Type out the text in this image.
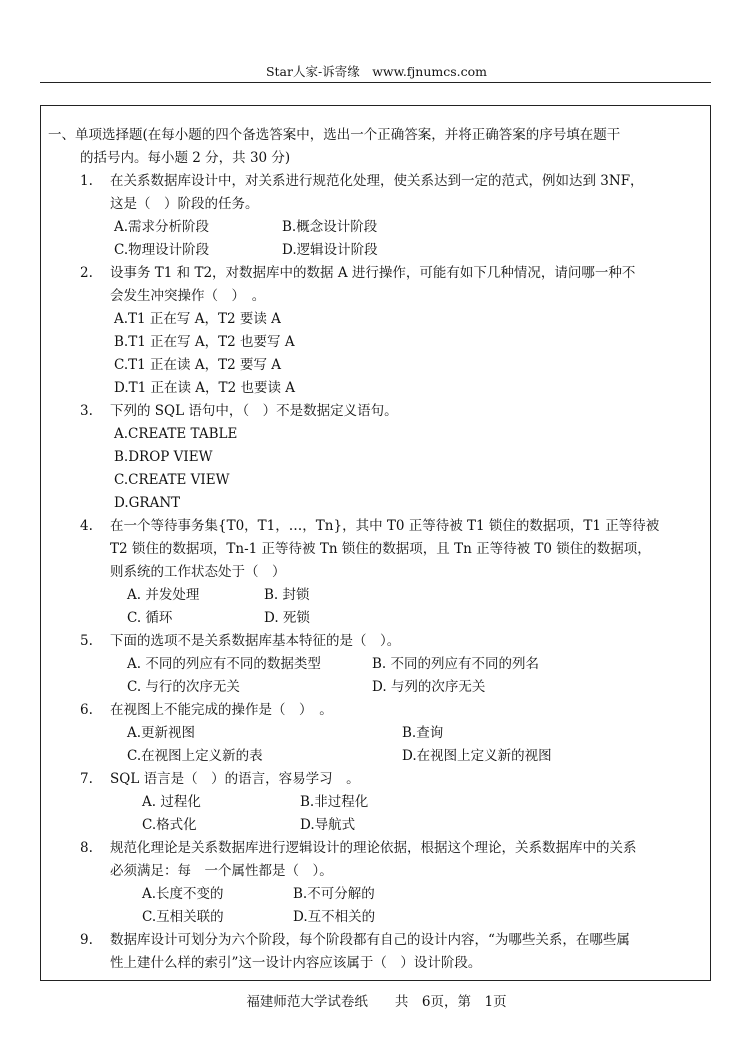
Star人家-诉寄缘　www.fjnumcs.com
一、单项选择题(在每小题的四个备选答案中，选出一个正确答案，并将正确答案的序号填在题干
的括号内。每小题 2 分，共 30 分)
1. 在关系数据库设计中，对关系进行规范化处理，使关系达到一定的范式，例如达到 3NF，
这是（　）阶段的任务。
A.需求分析阶段	B.概念设计阶段
C.物理设计阶段	D.逻辑设计阶段
2. 设事务 T1 和 T2，对数据库中的数据 A 进行操作，可能有如下几种情况，请问哪一种不
会发生冲突操作（　）　。
A.T1 正在写 A，T2 要读 A
B.T1 正在写 A，T2 也要写 A
C.T1 正在读 A，T2 要写 A
D.T1 正在读 A，T2 也要读 A
3. 下列的 SQL 语句中，（　）不是数据定义语句。
A.CREATE TABLE
B.DROP VIEW
C.CREATE VIEW
D.GRANT
4. 在一个等待事务集{T0，T1，…，Tn}，其中 T0 正等待被 T1 锁住的数据项，T1 正等待被
T2 锁住的数据项，Tn-1 正等待被 Tn 锁住的数据项，且 Tn 正等待被 T0 锁住的数据项，
则系统的工作状态处于（　）
A. 并发处理	B. 封锁
C. 循环	D. 死锁
5. 下面的选项不是关系数据库基本特征的是（　）。
A. 不同的列应有不同的数据类型	B. 不同的列应有不同的列名
C. 与行的次序无关	D. 与列的次序无关
6. 在视图上不能完成的操作是（　）　。
A.更新视图	B.查询
C.在视图上定义新的表	D.在视图上定义新的视图
7. SQL 语言是（　）的语言，容易学习　。
A. 过程化	B.非过程化
C.格式化	D.导航式
8. 规范化理论是关系数据库进行逻辑设计的理论依据，根据这个理论，关系数据库中的关系
必须满足：每　一个属性都是（　）。
A.长度不变的	B.不可分解的
C.互相关联的	D.互不相关的
9. 数据库设计可划分为六个阶段，每个阶段都有自己的设计内容，“为哪些关系，在哪些属
性上建什么样的索引”这一设计内容应该属于（　）设计阶段。
福建师范大学试卷纸　　共　6页，第　1页
